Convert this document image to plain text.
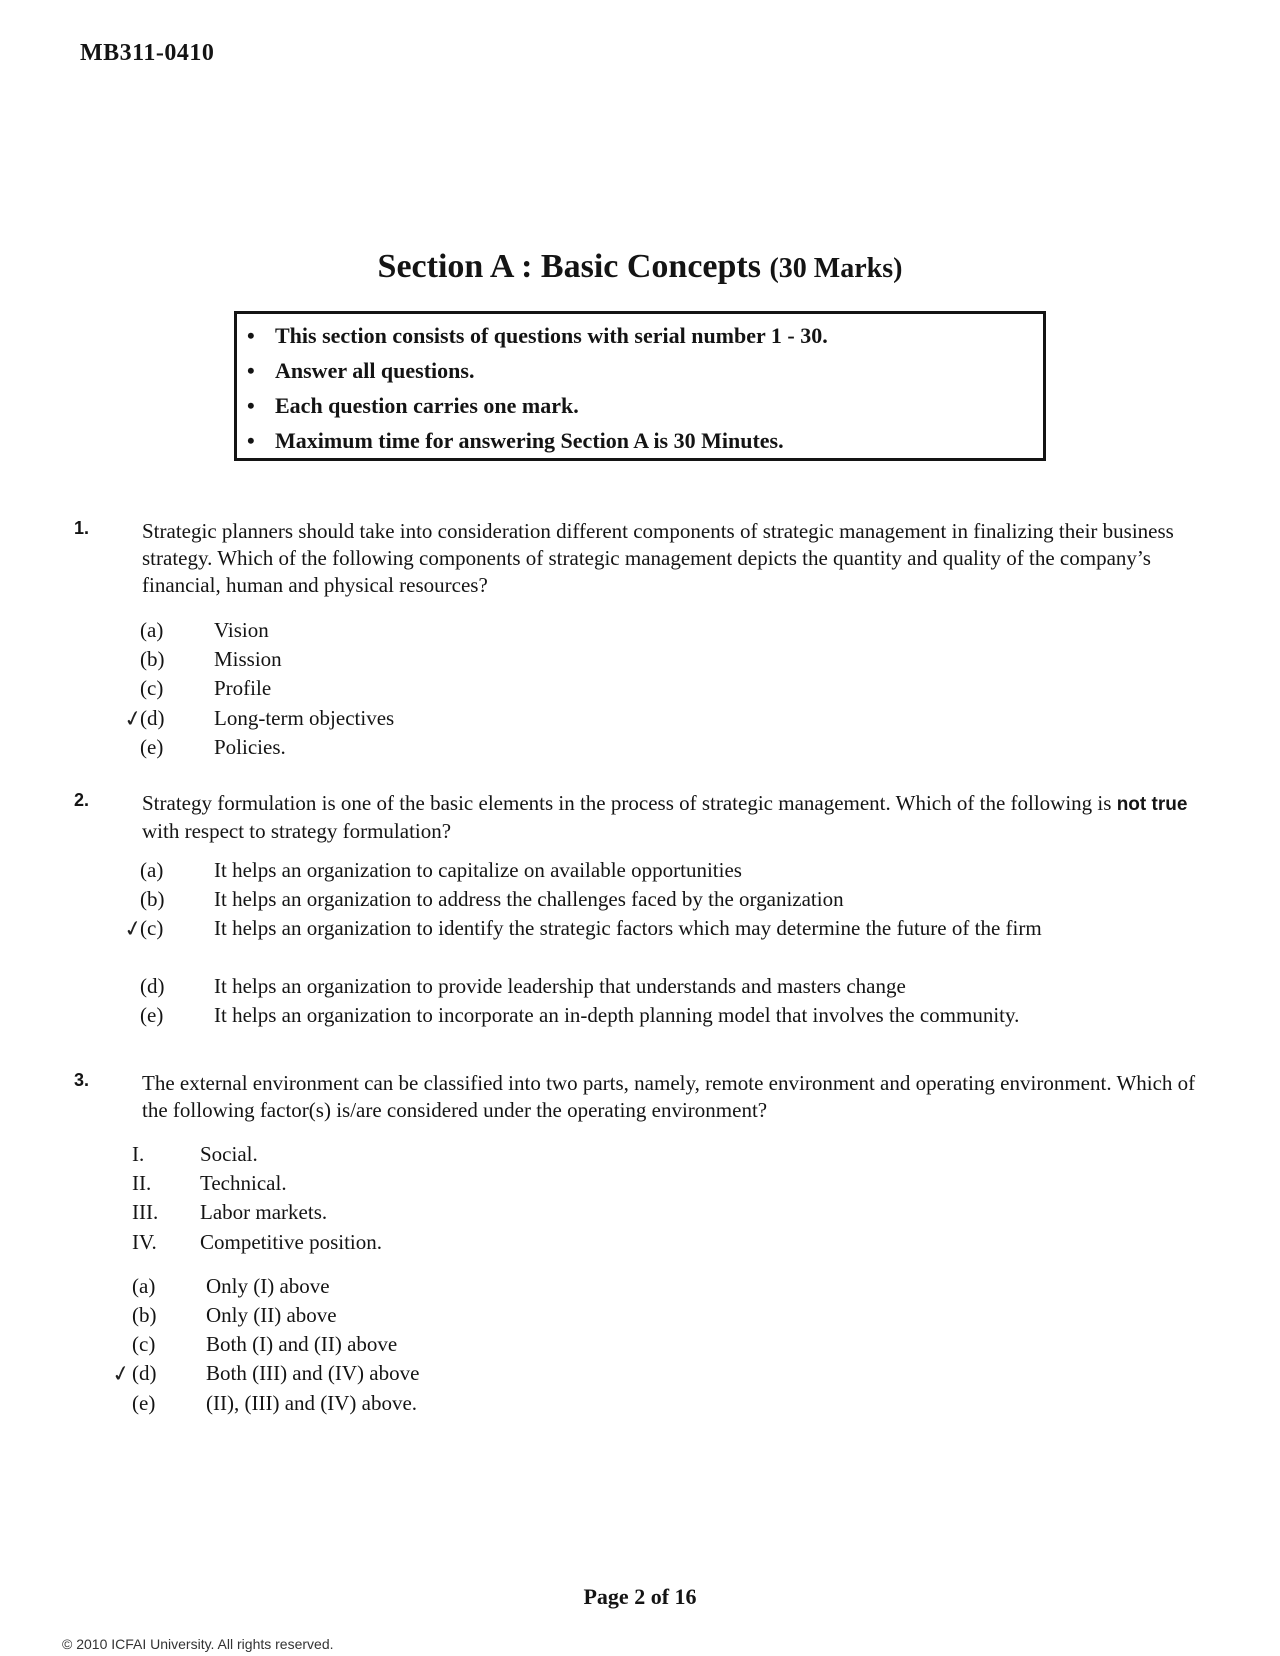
MB311-0410
Section A : Basic Concepts (30 Marks)
• This section consists of questions with serial number 1 - 30.
• Answer all questions.
• Each question carries one mark.
• Maximum time for answering Section A is 30 Minutes.
1.	Strategic planners should take into consideration different components of strategic management in finalizing their business strategy. Which of the following components of strategic management depicts the quantity and quality of the company’s financial, human and physical resources?
(a)	Vision
(b)	Mission
(c)	Profile
✓
(d)	Long-term objectives
(e)	Policies.
2.	Strategy formulation is one of the basic elements in the process of strategic management. Which of the following is not true with respect to strategy formulation?
(a)	It helps an organization to capitalize on available opportunities
(b)	It helps an organization to address the challenges faced by the organization
✓
(c)	It helps an organization to identify the strategic factors which may determine the future of the firm
(d)	It helps an organization to provide leadership that understands and masters change
(e)	It helps an organization to incorporate an in-depth planning model that involves the community.
3.	The external environment can be classified into two parts, namely, remote environment and operating environment. Which of the following factor(s) is/are considered under the operating environment?
I.	Social.
II.	Technical.
III.	Labor markets.
IV.	Competitive position.
(a)	Only (I) above
(b)	Only (II) above
(c)	Both (I) and (II) above
✓ (d)	Both (III) and (IV) above
(e)	(II), (III) and (IV) above.
Page 2 of 16
© 2010 ICFAI University. All rights reserved.
